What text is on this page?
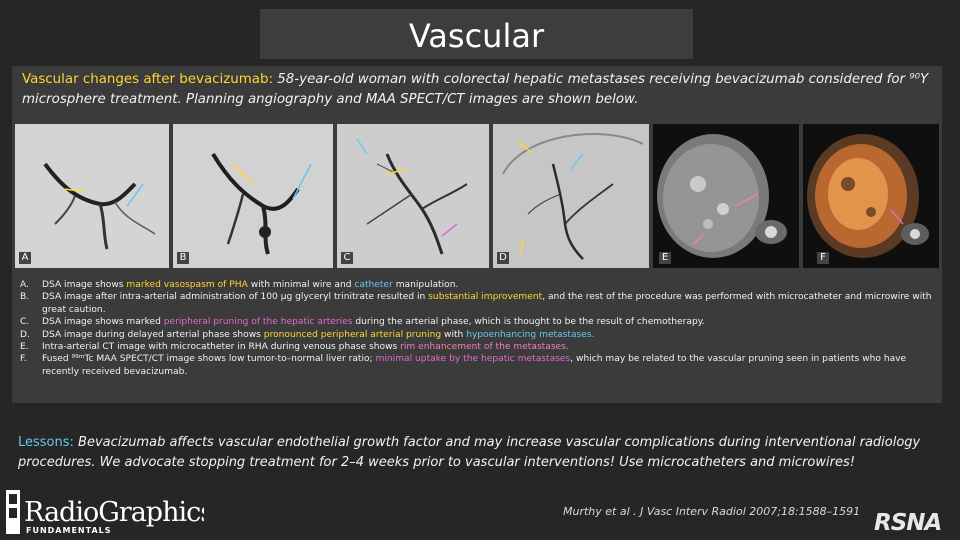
Vascular
Vascular changes after bevacizumab: 58-year-old woman with colorectal hepatic metastases receiving bevacizumab considered for ⁹⁰Y microsphere treatment. Planning angiography and MAA SPECT/CT images are shown below.
A	B	C	D	E	F
A.	DSA image shows marked vasospasm of PHA with minimal wire and catheter manipulation.
B.	DSA image after intra-arterial administration of 100 μg glyceryl trinitrate resulted in substantial improvement, and the rest of the procedure was performed with microcatheter and microwire with great caution.
C.	DSA image shows marked peripheral pruning of the hepatic arteries during the arterial phase, which is thought to be the result of chemotherapy.
D.	DSA image during delayed arterial phase shows pronounced peripheral arterial pruning with hypoenhancing metastases.
E.	Intra-arterial CT image with microcatheter in RHA during venous phase shows rim enhancement of the metastases.
F.	Fused ⁹⁹ᵐTc MAA SPECT/CT image shows low tumor-to–normal liver ratio; minimal uptake by the hepatic metastases, which may be related to the vascular pruning seen in patients who have recently received bevacizumab.
Lessons: Bevacizumab affects vascular endothelial growth factor and may increase vascular complications during interventional radiology procedures. We advocate stopping treatment for 2–4 weeks prior to vascular interventions! Use microcatheters and microwires!
RadioGraphics
FUNDAMENTALS
Murthy et al . J Vasc Interv Radiol 2007;18:1588–1591 RSNA
